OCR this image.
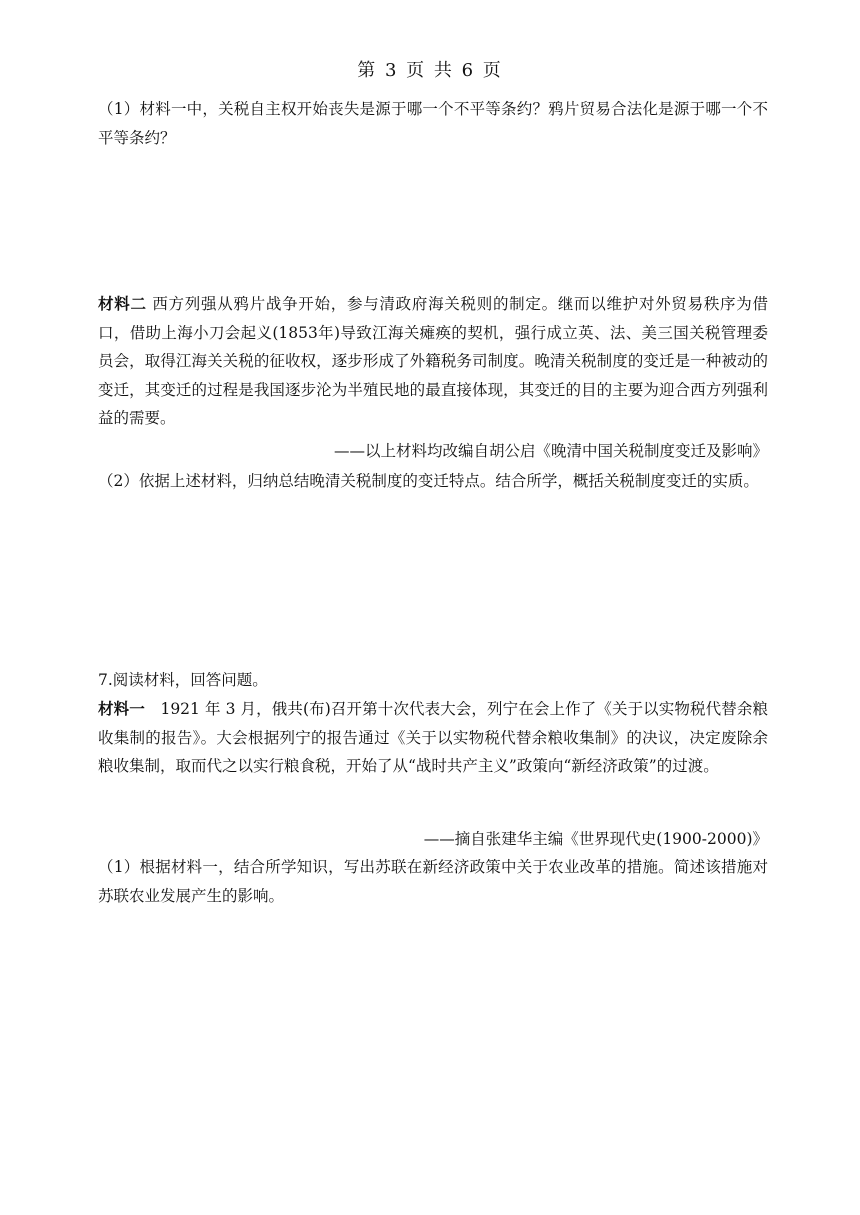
第 3 页 共 6 页
（1）材料一中，关税自主权开始丧失是源于哪一个不平等条约？鸦片贸易合法化是源于哪一个不平等条约？
材料二 西方列强从鸦片战争开始，参与清政府海关税则的制定。继而以维护对外贸易秩序为借口，借助上海小刀会起义(1853年)导致江海关瘫痪的契机，强行成立英、法、美三国关税管理委员会，取得江海关关税的征收权，逐步形成了外籍税务司制度。晚清关税制度的变迁是一种被动的变迁，其变迁的过程是我国逐步沦为半殖民地的最直接体现，其变迁的目的主要为迎合西方列强利益的需要。
——以上材料均改编自胡公启《晚清中国关税制度变迁及影响》
（2）依据上述材料，归纳总结晚清关税制度的变迁特点。结合所学，概括关税制度变迁的实质。
7.阅读材料，回答问题。
材料一　1921 年 3 月，俄共(布)召开第十次代表大会，列宁在会上作了《关于以实物税代替余粮收集制的报告》。大会根据列宁的报告通过《关于以实物税代替余粮收集制》的决议，决定废除余粮收集制，取而代之以实行粮食税，开始了从“战时共产主义”政策向“新经济政策”的过渡。
——摘自张建华主编《世界现代史(1900-2000)》
（1）根据材料一，结合所学知识，写出苏联在新经济政策中关于农业改革的措施。简述该措施对苏联农业发展产生的影响。
